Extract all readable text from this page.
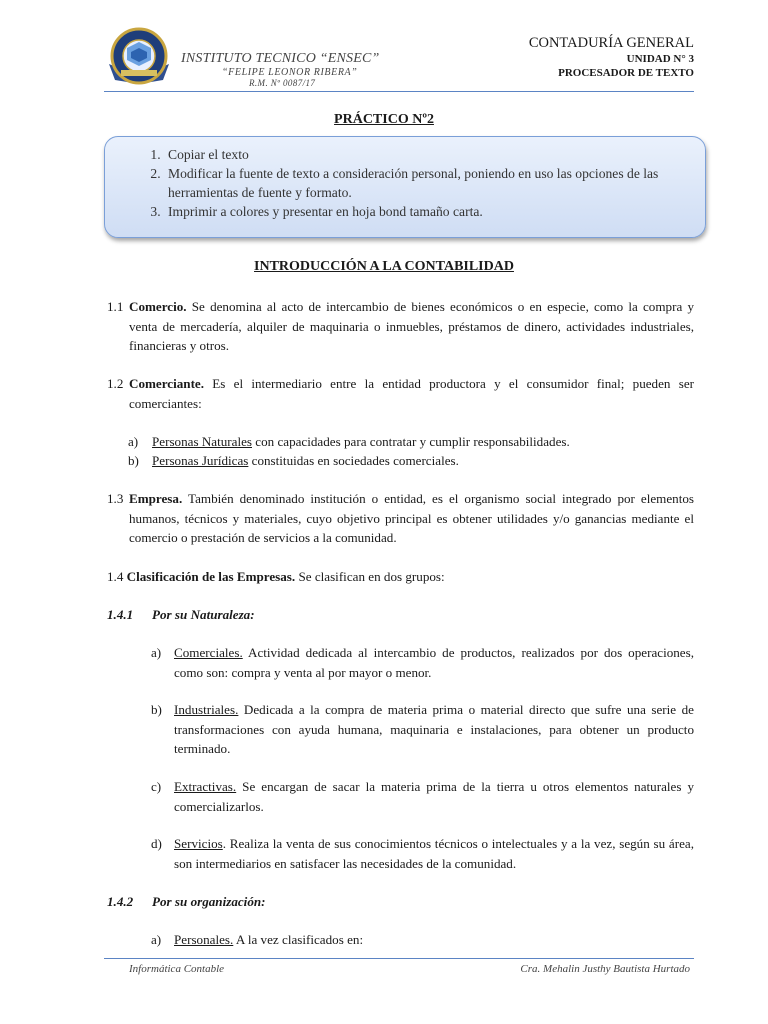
INSTITUTO TECNICO “ENSEC”
“FELIPE LEONOR RIBERA”
R.M. Nº 0087/17
CONTADURÍA GENERAL
UNIDAD N° 3
PROCESADOR DE TEXTO
PRÁCTICO Nº2
1. Copiar el texto
2. Modificar la fuente de texto a consideración personal, poniendo en uso las opciones de las herramientas de fuente y formato.
3. Imprimir a colores y presentar en hoja bond tamaño carta.
INTRODUCCIÓN A LA CONTABILIDAD
1.1 Comercio. Se denomina al acto de intercambio de bienes económicos o en especie, como la compra y venta de mercadería, alquiler de maquinaria o inmuebles, préstamos de dinero, actividades industriales, financieras y otros.
1.2 Comerciante. Es el intermediario entre la entidad productora y el consumidor final; pueden ser comerciantes:
a) Personas Naturales con capacidades para contratar y cumplir responsabilidades.
b) Personas Jurídicas constituidas en sociedades comerciales.
1.3 Empresa. También denominado institución o entidad, es el organismo social integrado por elementos humanos, técnicos y materiales, cuyo objetivo principal es obtener utilidades y/o ganancias mediante el comercio o prestación de servicios a la comunidad.
1.4 Clasificación de las Empresas. Se clasifican en dos grupos:
1.4.1 Por su Naturaleza:
a) Comerciales. Actividad dedicada al intercambio de productos, realizados por dos operaciones, como son: compra y venta al por mayor o menor.
b) Industriales. Dedicada a la compra de materia prima o material directo que sufre una serie de transformaciones con ayuda humana, maquinaria e instalaciones, para obtener un producto terminado.
c) Extractivas. Se encargan de sacar la materia prima de la tierra u otros elementos naturales y comercializarlos.
d) Servicios. Realiza la venta de sus conocimientos técnicos o intelectuales y a la vez, según su área, son intermediarios en satisfacer las necesidades de la comunidad.
1.4.2 Por su organización:
a) Personales. A la vez clasificados en:
Informática Contable	Cra. Mehalin Justhy Bautista Hurtado
